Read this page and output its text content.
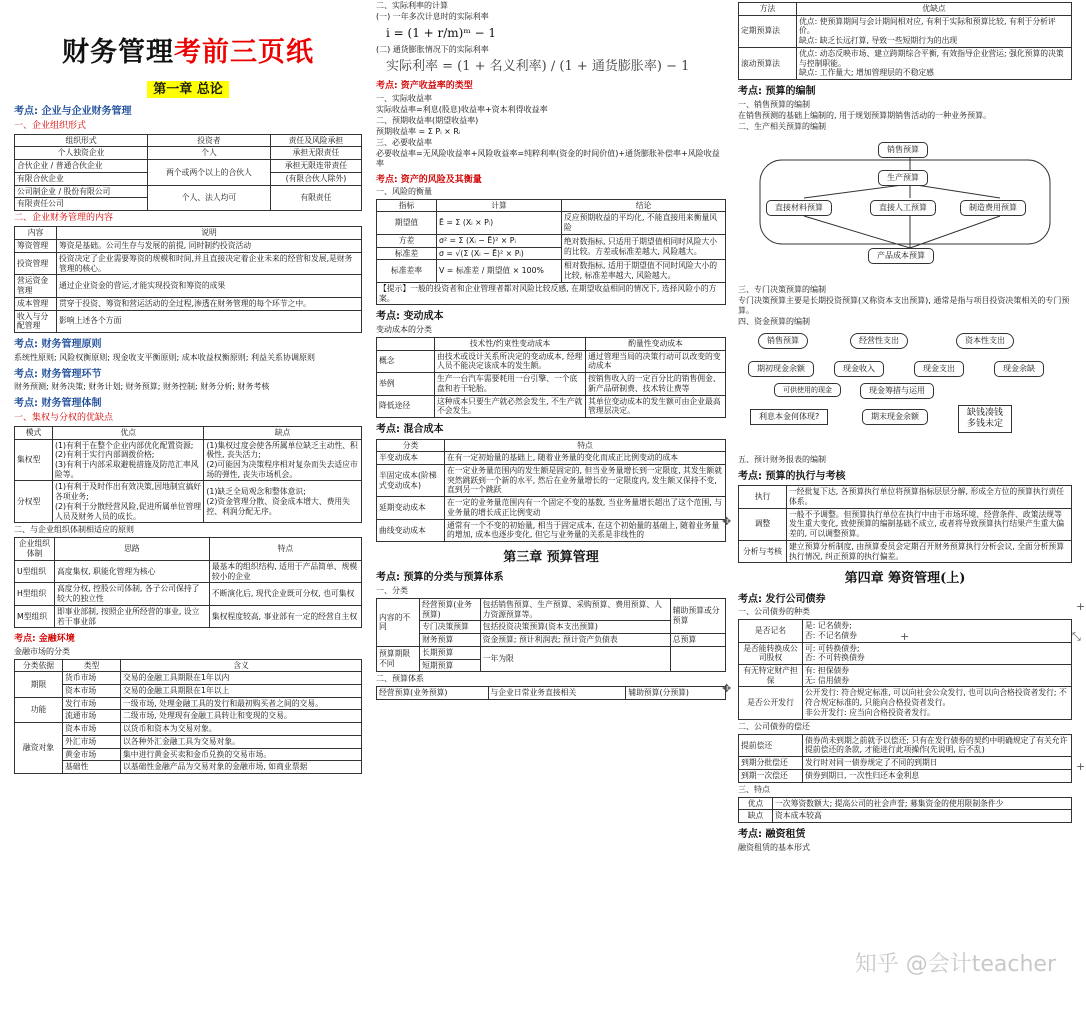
财务管理考前三页纸
第一章 总论
考点: 企业与企业财务管理
一、企业组织形式
组织形式	投资者	责任及风险承担
个人独资企业	个人	承担无限责任
合伙企业 / 普通合伙企业	两个或两个以上的合伙人	承担无限连带责任
有限合伙企业		(有限合伙人除外)
公司制企业 / 股份有限公司	个人、法人均可	有限责任
有限责任公司		
二、企业财务管理的内容
内容	说明
筹资管理	筹资是基础。公司生存与发展的前提, 同时制约投资活动
投资管理	投资决定了企业需要筹资的规模和时间,并且直接决定着企业未来的经营和发展,是财务管理的核心。
营运资金管理	通过企业资金的营运,才能实现投资和筹资的成果
成本管理	贯穿于投资、筹资和营运活动的全过程,渗透在财务管理的每个环节之中。
收入与分配管理	影响上述各个方面
考点: 财务管理原则
系统性原则; 风险权衡原则; 现金收支平衡原则; 成本收益权衡原则; 利益关系协调原则
考点: 财务管理环节
财务预测; 财务决策; 财务计划; 财务预算; 财务控制; 财务分析; 财务考核
考点: 财务管理体制
一、集权与分权的优缺点
模式	优点	缺点
集权型	(1)有利于在整个企业内部优化配置资源;
(2)有利于实行内部调拨价格;
(3)有利于内部采取避税措施及防范汇率风险等。	(1)集权过度会使各所属单位缺乏主动性、积极性, 丧失活力;
(2)可能因为决策程序相对复杂而失去适应市场的弹性, 丧失市场机会。
分权型	(1)有利于及时作出有效决策,因地制宜搞好各项业务;
(2)有利于分散经营风险,促进所属单位管理人员及财务人员的成长。	(1)缺乏全局观念和整体意识;
(2)资金管理分散、资金成本增大、费用失控、利润分配无序。
二、与企业组织体制相适应的原则
企业组织体制	思路	特点
U型组织	高度集权, 职能化管理为核心	最基本的组织结构, 适用于产品简单、规模较小的企业
H型组织	高度分权, 控股公司体制, 各子公司保持了较大的独立性	不断演化后, 现代企业既可分权, 也可集权
M型组织	即事业部制, 按照企业所经营的事业, 设立若干事业部	集权程度较高, 事业部有一定的经营自主权
考点: 金融环境
金融市场的分类
分类依据	类型	含义
期限	货币市场	交易的金融工具期限在1年以内
	资本市场	交易的金融工具期限在1年以上
功能	发行市场	一级市场, 处理金融工具的发行和最初购买者之间的交易。
	流通市场	二级市场, 处理现有金融工具转让和变现的交易。
融资对象	资本市场	以货币和资本为交易对象。
	外汇市场	以各种外汇金融工具为交易对象。
	黄金市场	集中进行黄金买卖和金币兑换的交易市场。
	基础性	以基础性金融产品为交易对象的金融市场, 如商业票据
二、实际利率的计算
(一) 一年多次计息时的实际利率
i = (1 + r/m)ᵐ − 1
(二) 通货膨胀情况下的实际利率
实际利率 = (1 + 名义利率) / (1 + 通货膨胀率) − 1
考点: 资产收益率的类型
一、实际收益率
实际收益率=利息(股息)收益率+资本利得收益率
二、预期收益率(期望收益率)
预期收益率 = Σ Pᵢ × Rᵢ
三、必要收益率
必要收益率=无风险收益率+风险收益率=纯粹利率(资金的时间价值)+通货膨胀补偿率+风险收益率
考点: 资产的风险及其衡量
一、风险的衡量
指标	计算	结论
期望值	Ē = Σ (Xᵢ × Pᵢ)	反应预期收益的平均化, 不能直接用来衡量风险
方差	σ² = Σ (Xᵢ − Ē)² × Pᵢ	绝对数指标, 只适用于期望值相同时风险大小的比较。方差或标准差越大, 风险越大。
标准差	σ = √(Σ (Xᵢ − Ē)² × Pᵢ)	
标准差率	V = 标准差 / 期望值 × 100%	相对数指标, 适用于期望值不同时风险大小的比较, 标准差率越大, 风险越大。
【提示】一般的投资者和企业管理者都对风险比较反感, 在期望收益相同的情况下, 选择风险小的方案。		
考点: 变动成本
变动成本的分类
	技术性/约束性变动成本	酌量性变动成本
概念	由技术或设计关系所决定的变动成本, 经理人员不能决定该成本的发生额。	通过管理当局的决策行动可以改变的变动成本
举例	生产一台汽车需要耗用一台引擎、一个底盘和若干轮胎。	按销售收入的一定百分比的销售佣金、新产品研制费、技术转让费等
降低途径	这种成本只要生产就必然会发生, 不生产就不会发生。	其单位变动成本的发生额可由企业最高管理层决定。
考点: 混合成本
分类	特点
半变动成本	在有一定初始量的基础上, 随着业务量的变化而成正比例变动的成本
半固定成本(阶梯式变动成本)	在一定业务量范围内的发生额是固定的, 但当业务量增长到一定限度, 其发生额就突然跳跃到一个新的水平, 然后在业务量增长的一定限度内, 发生额又保持不变, 直到另一个跳跃
延期变动成本	在一定的业务量范围内有一个固定不变的基数, 当业务量增长超出了这个范围, 与业务量的增长成正比例变动
曲线变动成本	通常有一个不变的初始量, 相当于固定成本, 在这个初始量的基础上, 随着业务量的增加, 成本也逐步变化, 但它与业务量的关系是非线性的
第三章 预算管理
考点: 预算的分类与预算体系
一、分类
内容的不同	经营预算(业务预算)	包括销售预算、生产预算、采购预算、费用预算、人力资源预算等。	辅助预算或分预算
	专门决策预算	包括投资决策预算(资本支出预算)	
	财务预算	资金预算; 预计利润表; 预计资产负债表	总预算
预算期限不同	长期预算	一年为限	
	短期预算		
二、预算体系
经营预算(业务预算)	与企业日常业务直接相关	辅助预算(分预算)
方法	优缺点
定期预算法	优点: 使预算期间与会计期间相对应, 有利于实际和预算比较, 有利于分析评价。
缺点: 缺乏长远打算, 导致一些短期行为的出现
滚动预算法	优点: 动态反映市场、建立跨期综合平衡, 有效指导企业营运; 强化预算的决策与控制职能。
缺点: 工作量大; 增加管理层的不稳定感
考点: 预算的编制
一、销售预算的编制
在销售预测的基础上编制的, 用于规划预算期销售活动的一种业务预算。
二、生产相关预算的编制
销售预算
生产预算
直接材料预算	直接人工预算	制造费用预算
产品成本预算
三、专门决策预算的编制
专门决策预算主要是长期投资预算(又称资本支出预算), 通常是指与项目投资决策相关的专门预算。
四、资金预算的编制
销售预算	经营性支出	资本性支出
期初现金余额	现金收入	现金支出	现金余缺
可供使用的现金	现金筹措与运用
利息本金何体现?	期末现金余额	缺钱凑钱
多钱未定
五、预计财务报表的编制
考点: 预算的执行与考核
执行	一经批复下达, 各预算执行单位将预算指标层层分解, 形成全方位的预算执行责任体系。
调整	一般不予调整。但预算执行单位在执行中由于市场环境、经营条件、政策法规等发生重大变化, 致使预算的编制基础不成立, 或者将导致预算执行结果产生重大偏差的, 可以调整预算。
分析与考核	建立预算分析制度, 由预算委员会定期召开财务预算执行分析会议, 全面分析预算执行情况, 纠正预算的执行偏差。
第四章 筹资管理(上)
考点: 发行公司债券
一、公司债券的种类
是否记名	是: 记名债券;
否: 不记名债券
是否能转换成公司股权	可: 可转换债券;
否: 不可转换债券
有无特定财产担保	有: 担保债券
无: 信用债券
是否公开发行	公开发行: 符合规定标准, 可以向社会公众发行, 也可以向合格投资者发行; 不符合规定标准的, 只能向合格投资者发行。
非公开发行: 应当向合格投资者发行。
二、公司债券的偿还
提前偿还	债券尚未到期之前就予以偿还; 只有在发行债券的契约中明确规定了有关允许提前偿还的条款, 才能进行此项操作(先说明, 后不乱)
到期分批偿还	发行时对同一债券规定了不同的到期日
到期一次偿还	债券到期日, 一次性归还本金利息
三、特点
优点	一次筹资数额大; 提高公司的社会声誉; 募集资金的使用限制条件少
缺点	资本成本较高
考点: 融资租赁
融资租赁的基本形式
知乎 @会计teacher
✥
✥
+
+
⤡
+
